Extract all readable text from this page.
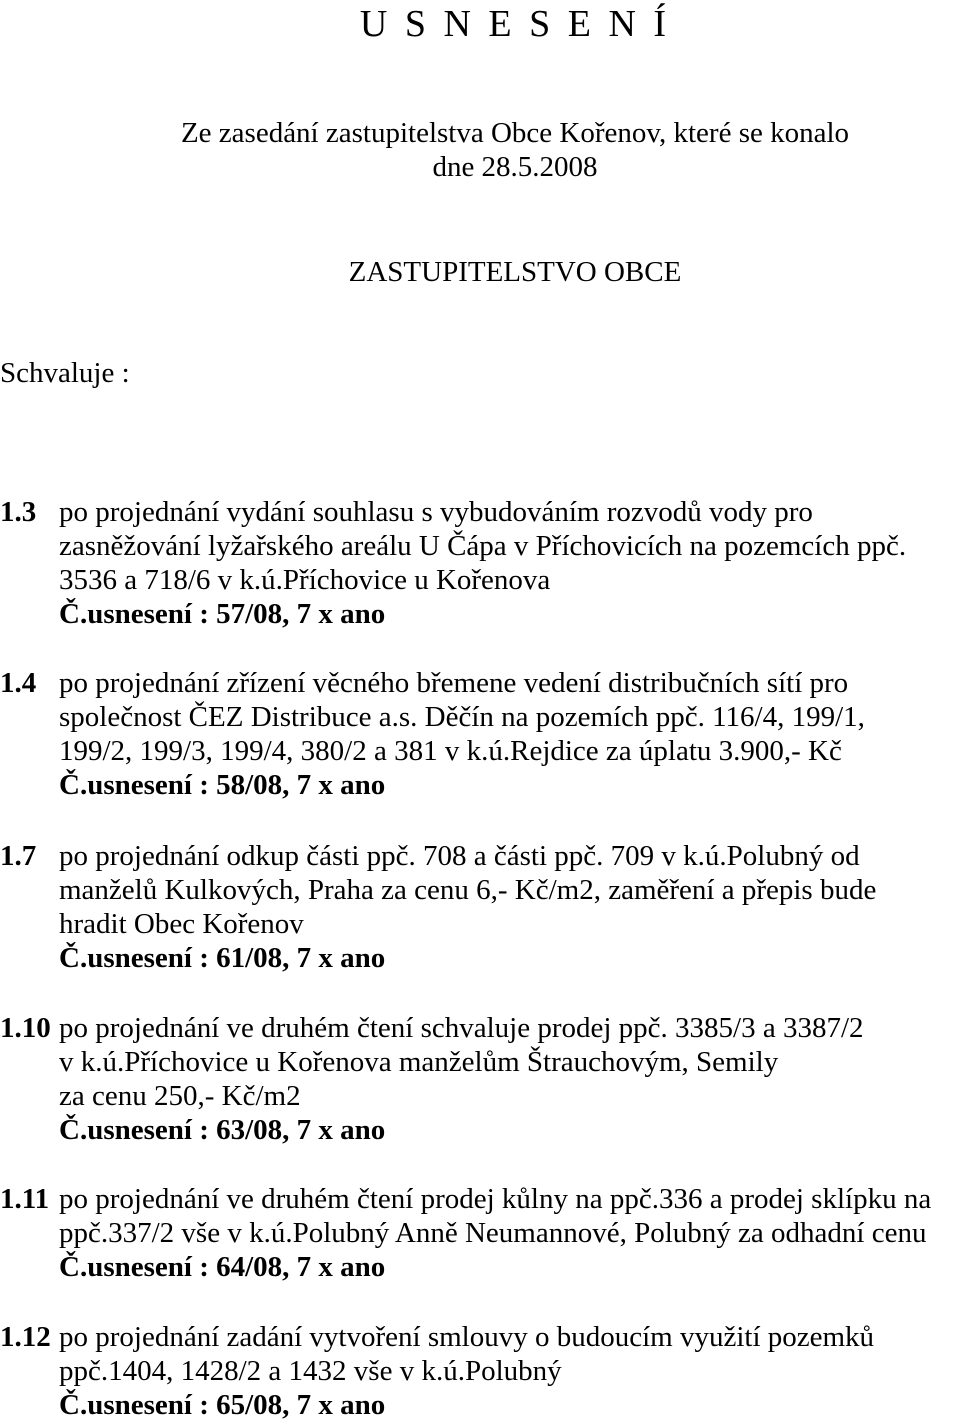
U S N E S E N Í
Ze zasedání zastupitelstva Obce Kořenov, které se konalo
dne 28.5.2008
ZASTUPITELSTVO OBCE
Schvaluje :
1.3 po projednání vydání souhlasu s vybudováním rozvodů vody pro
zasněžování lyžařského areálu U Čápa v Příchovicích na pozemcích ppč.
3536 a 718/6 v k.ú.Příchovice u Kořenova
Č.usnesení : 57/08, 7 x ano
1.4 po projednání zřízení věcného břemene vedení distribučních sítí pro
společnost ČEZ Distribuce a.s. Děčín na pozemích ppč. 116/4, 199/1,
199/2, 199/3, 199/4, 380/2 a 381 v k.ú.Rejdice za úplatu 3.900,- Kč
Č.usnesení : 58/08, 7 x ano
1.7 po projednání odkup části ppč. 708 a části ppč. 709 v k.ú.Polubný od
manželů Kulkových, Praha za cenu 6,- Kč/m2, zaměření a přepis bude
hradit Obec Kořenov
Č.usnesení : 61/08, 7 x ano
1.10 po projednání ve druhém čtení schvaluje prodej ppč. 3385/3 a 3387/2
v k.ú.Příchovice u Kořenova manželům Štrauchovým, Semily
za cenu 250,- Kč/m2
Č.usnesení : 63/08, 7 x ano
1.11 po projednání ve druhém čtení prodej kůlny na ppč.336 a prodej sklípku na
ppč.337/2 vše v k.ú.Polubný Anně Neumannové, Polubný za odhadní cenu
Č.usnesení : 64/08, 7 x ano
1.12 po projednání zadání vytvoření smlouvy o budoucím využití pozemků
ppč.1404, 1428/2 a 1432 vše v k.ú.Polubný
Č.usnesení : 65/08, 7 x ano
